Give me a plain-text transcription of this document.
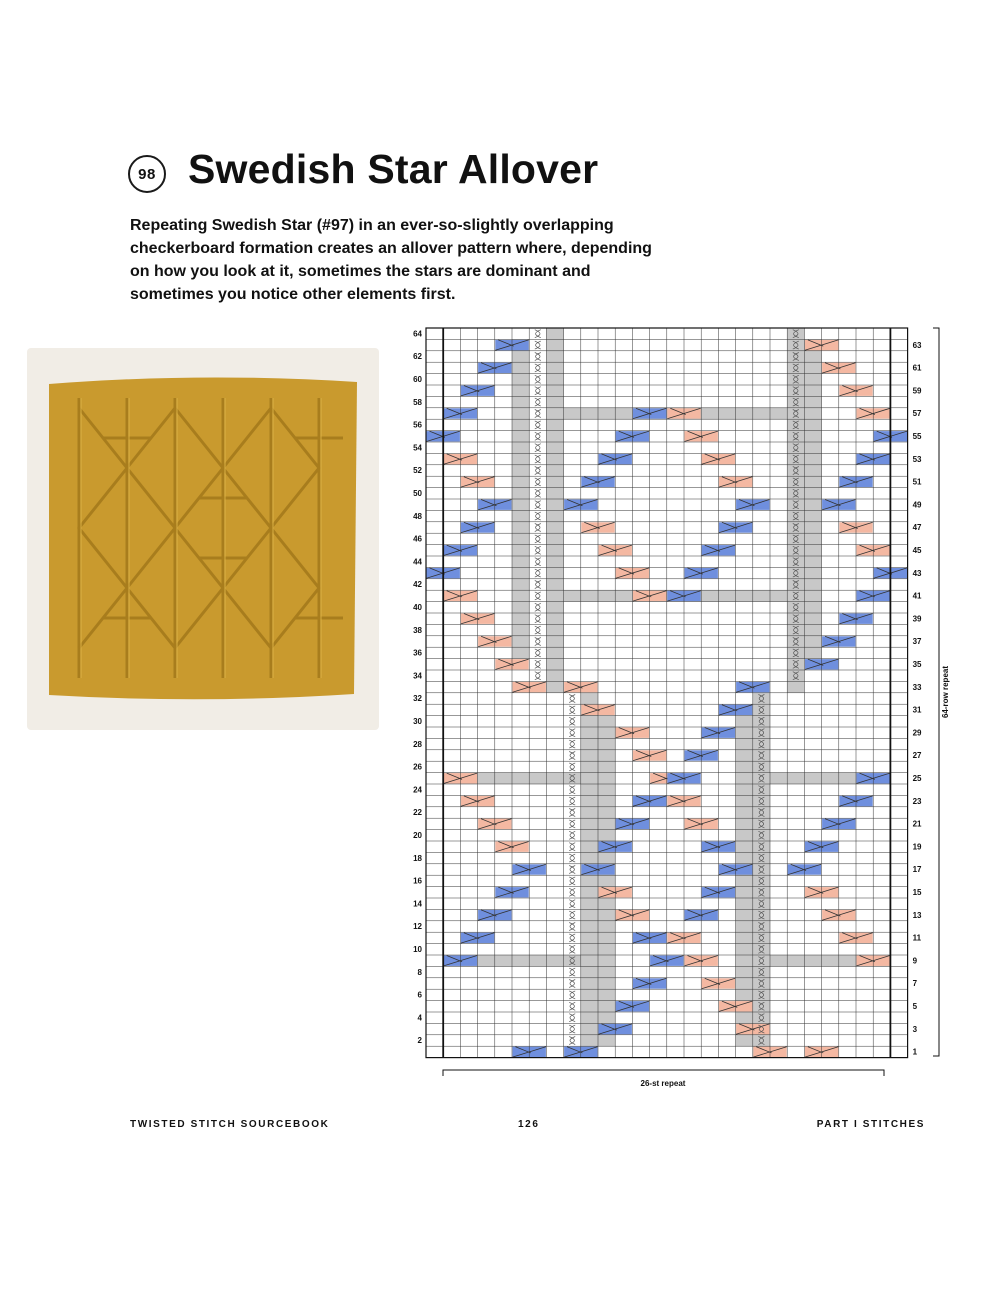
98 Swedish Star Allover

Repeating Swedish Star (#97) in an ever-so-slightly overlapping checkerboard formation creates an allover pattern where, depending on how you look at it, sometimes the stars are dominant and sometimes you notice other elements first.

64
62
60
58
56
54
52
50
48
46
44
42
40
38
36
34
32
30
28
26
24
22
20
18
16
14
12
10
8
6
4
2
63
61
59
57
55
53
51
49
47
45
43
41
39
37
35
33
31
29
27
25
23
21
19
17
15
13
11
9
7
5
3
1
64-row repeat
26-st repeat
TWISTED STITCH SOURCEBOOK	126	PART I STITCHES
